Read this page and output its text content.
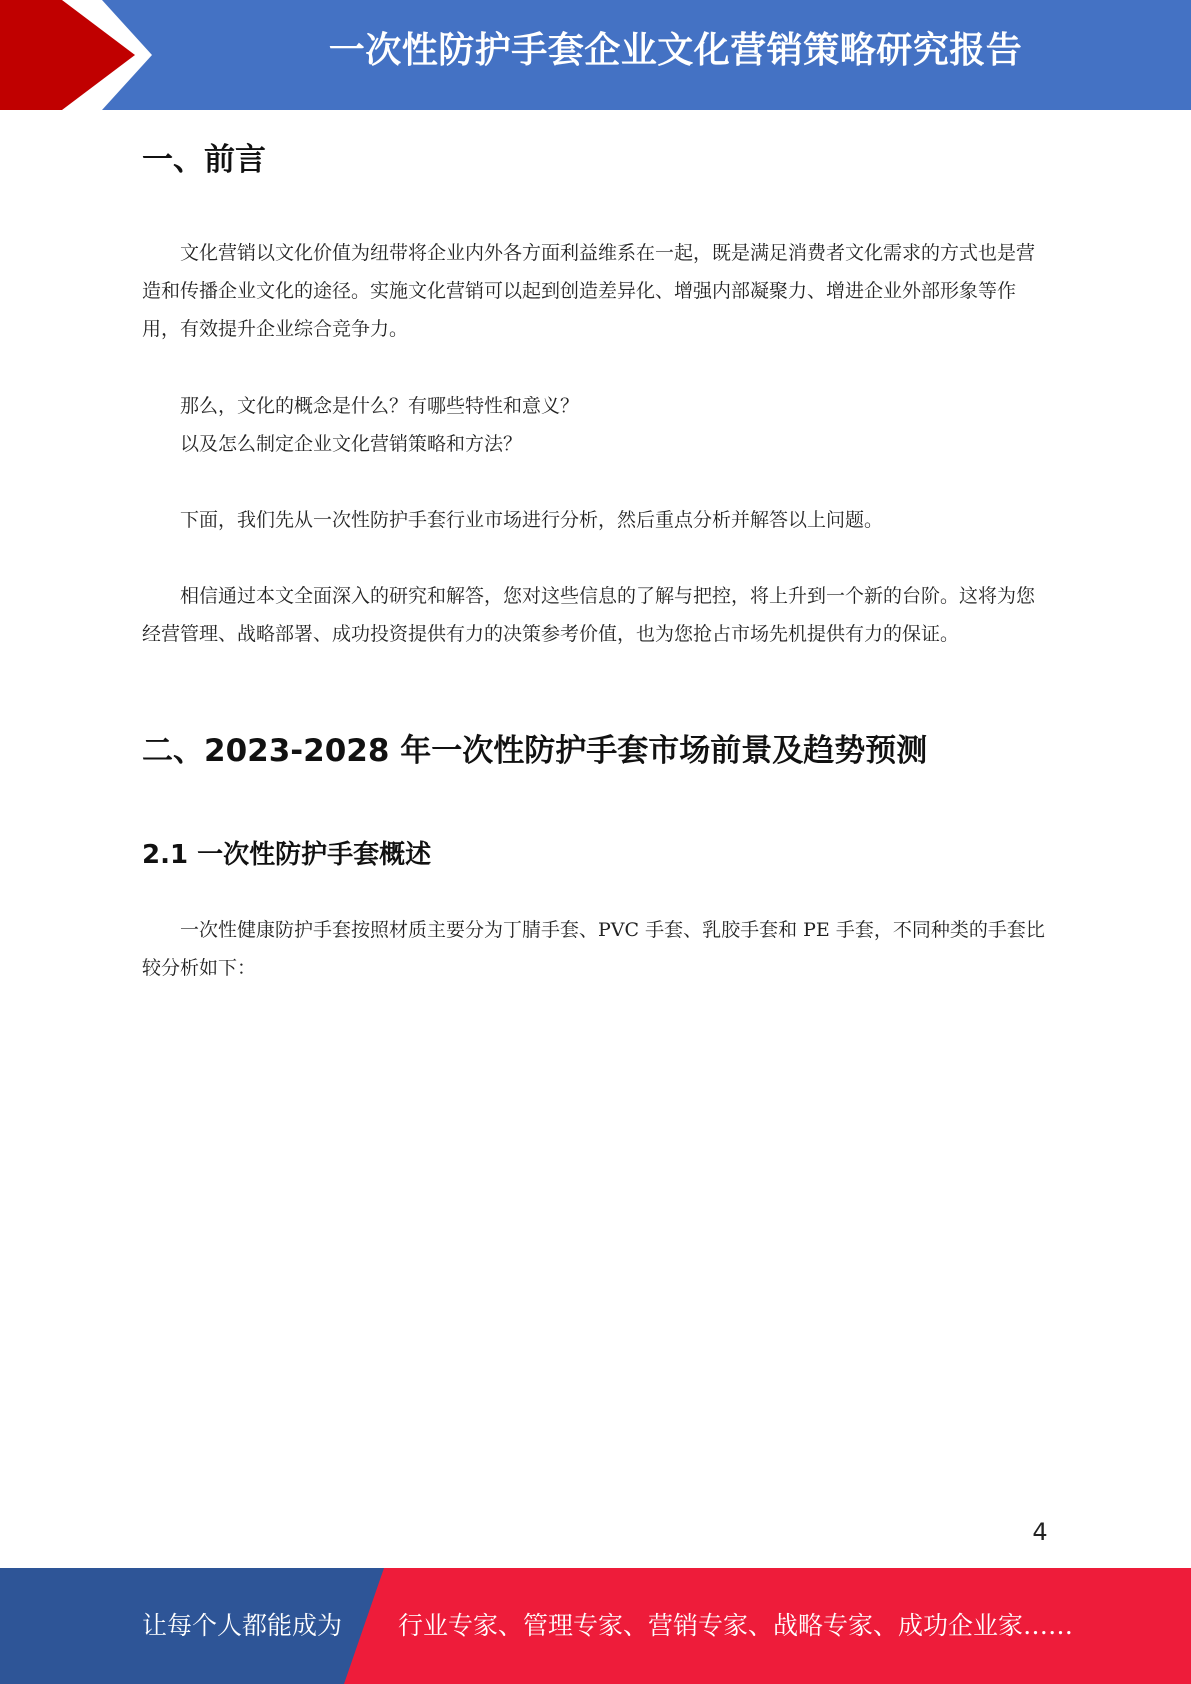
一次性防护手套企业文化营销策略研究报告
一、前言

文化营销以文化价值为纽带将企业内外各方面利益维系在一起，既是满足消费者文化需求的方式也是营造和传播企业文化的途径。实施文化营销可以起到创造差异化、增强内部凝聚力、增进企业外部形象等作用，有效提升企业综合竞争力。

那么，文化的概念是什么？有哪些特性和意义？

以及怎么制定企业文化营销策略和方法？

下面，我们先从一次性防护手套行业市场进行分析，然后重点分析并解答以上问题。

相信通过本文全面深入的研究和解答，您对这些信息的了解与把控，将上升到一个新的台阶。这将为您经营管理、战略部署、成功投资提供有力的决策参考价值，也为您抢占市场先机提供有力的保证。

二、2023-2028 年一次性防护手套市场前景及趋势预测
2.1 一次性防护手套概述

一次性健康防护手套按照材质主要分为丁腈手套、PVC 手套、乳胶手套和 PE 手套，不同种类的手套比较分析如下：

4
让每个人都能成为 行业专家、管理专家、营销专家、战略专家、成功企业家……
